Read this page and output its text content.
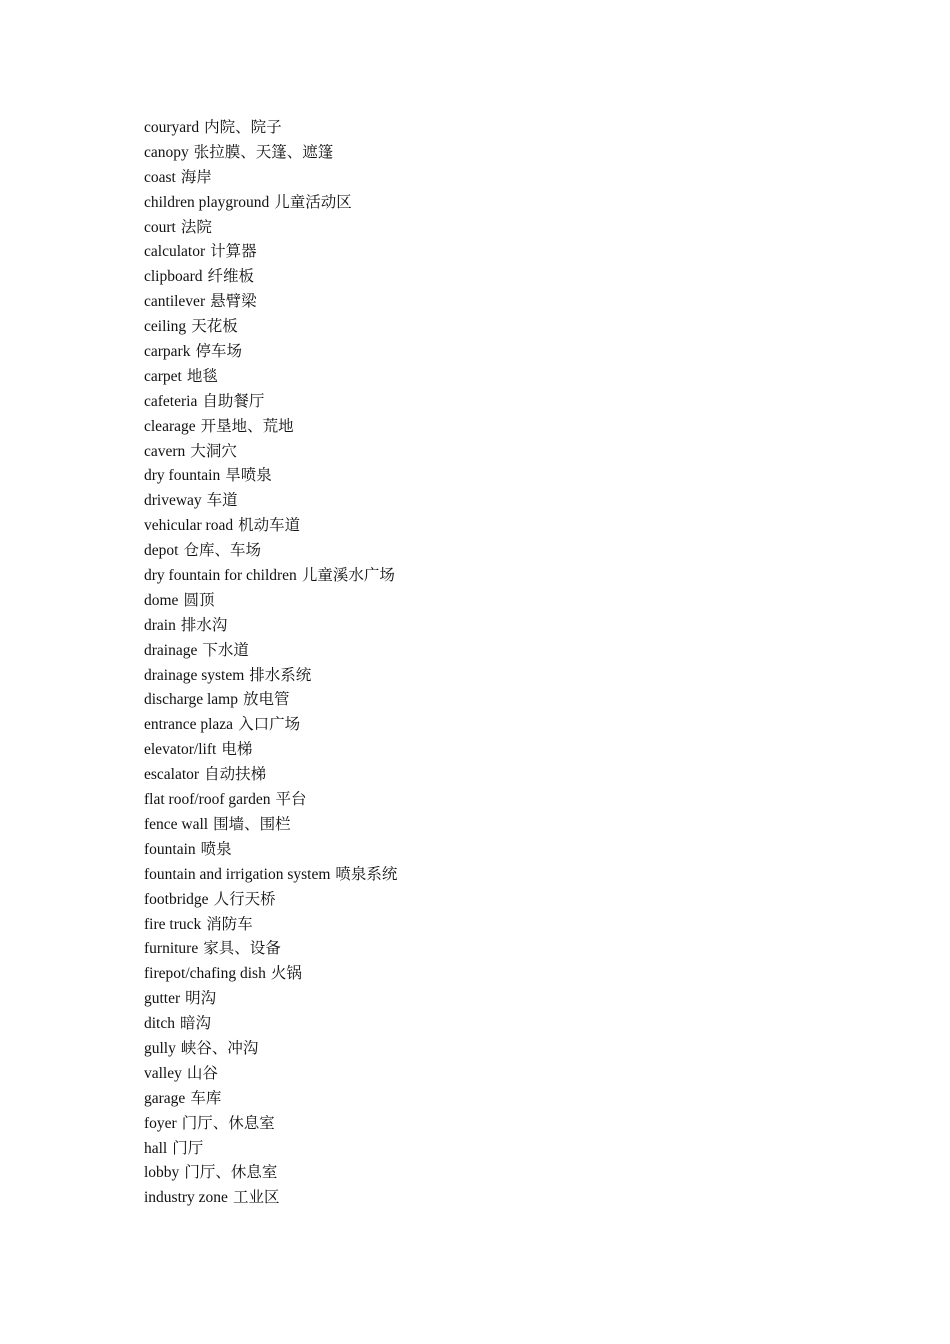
couryard 内院、院子
canopy 张拉膜、天篷、遮篷
coast 海岸
children playground 儿童活动区
court 法院
calculator 计算器
clipboard 纤维板
cantilever 悬臂梁
ceiling 天花板
carpark 停车场
carpet 地毯
cafeteria 自助餐厅
clearage 开垦地、荒地
cavern 大洞穴
dry fountain 旱喷泉
driveway 车道
vehicular road 机动车道
depot 仓库、车场
dry fountain for children 儿童溪水广场
dome 圆顶
drain 排水沟
drainage 下水道
drainage system 排水系统
discharge lamp 放电管
entrance plaza 入口广场
elevator/lift 电梯
escalator 自动扶梯
flat roof/roof garden 平台
fence wall 围墙、围栏
fountain 喷泉
fountain and irrigation system 喷泉系统
footbridge 人行天桥
fire truck 消防车
furniture 家具、设备
firepot/chafing dish 火锅
gutter 明沟
ditch 暗沟
gully 峡谷、冲沟
valley 山谷
garage 车库
foyer 门厅、休息室
hall 门厅
lobby 门厅、休息室
industry zone 工业区
